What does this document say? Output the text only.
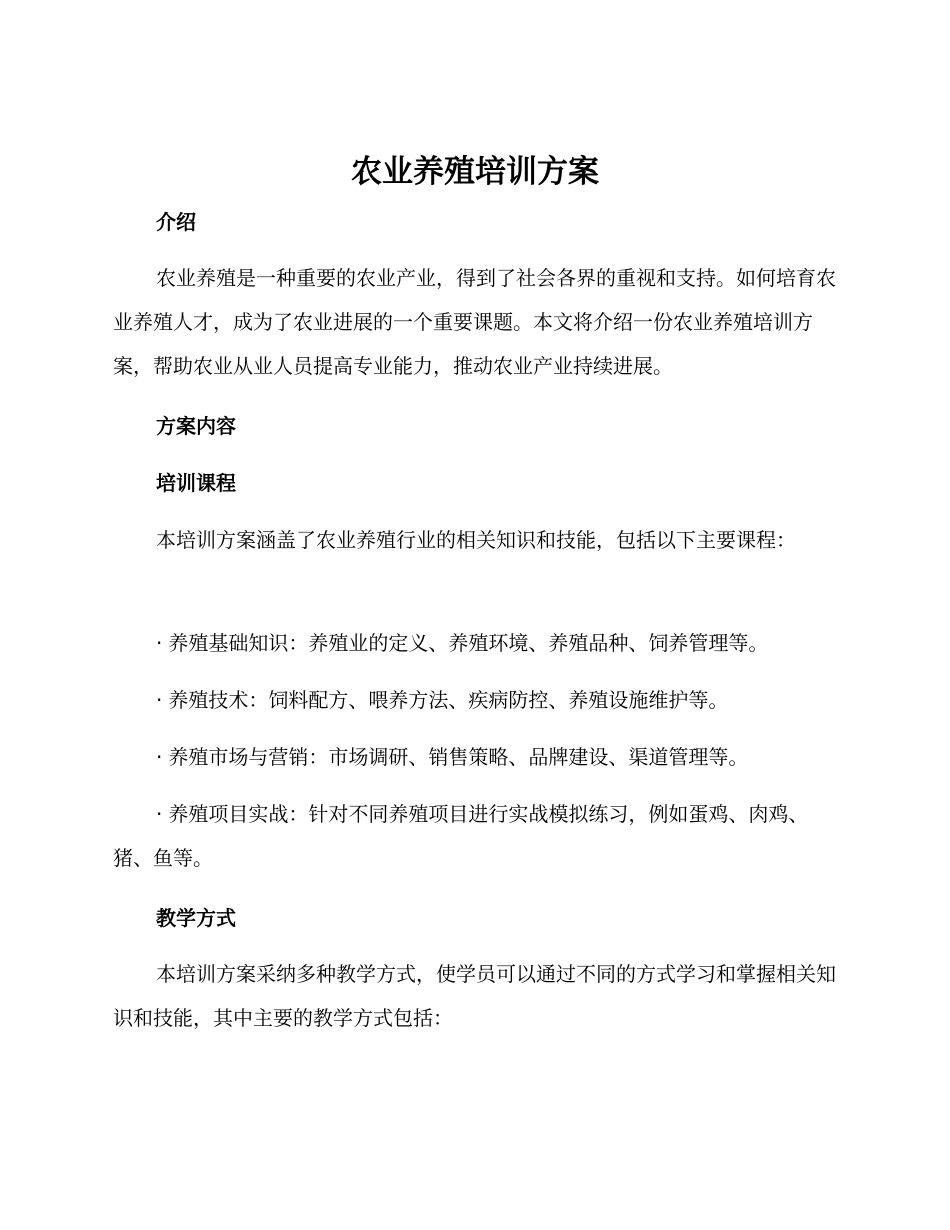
农业养殖培训方案
介绍
农业养殖是一种重要的农业产业，得到了社会各界的重视和支持。如何培育农业养殖人才，成为了农业进展的一个重要课题。本文将介绍一份农业养殖培训方案，帮助农业从业人员提高专业能力，推动农业产业持续进展。
方案内容
培训课程
本培训方案涵盖了农业养殖行业的相关知识和技能，包括以下主要课程：
· 养殖基础知识：养殖业的定义、养殖环境、养殖品种、饲养管理等。
· 养殖技术：饲料配方、喂养方法、疾病防控、养殖设施维护等。
· 养殖市场与营销：市场调研、销售策略、品牌建设、渠道管理等。
· 养殖项目实战：针对不同养殖项目进行实战模拟练习，例如蛋鸡、肉鸡、猪、鱼等。
教学方式
本培训方案采纳多种教学方式，使学员可以通过不同的方式学习和掌握相关知识和技能，其中主要的教学方式包括：
